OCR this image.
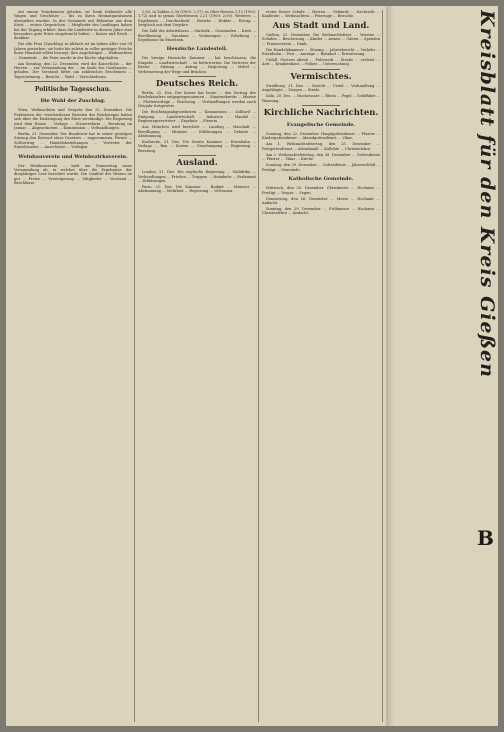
mit einem Trainkonnen geladen, ist Dank fehlender alle Wagen und Geschütze ... bis zu ihren Heimatgarnisonen übergeben worden. In der Gemeinde mit Rekruten aus dem Kreis ... ersten Gesprächen ... Mitglieder des Landtages haben bei der Tagung erklärt, dass die Landwirte in diesem Jahre eine besonders gute Ernte eingebracht haben ... Kaiser und Reich ... dankbar.

Die alte Frau (Zuschlag) in Altbach ist im hohen Alter von 94 Jahren gestorben; sie hatte bis zuletzt in voller geistiger Frische ihren Haushalt selbst besorgt. Ihre Angehörigen ... Weihnachten ... Gemeinde ... die Feier wurde in der Kirche abgehalten.

Am Sonntag, den 22. Dezember, wird die Kaiserliche ... der Herren ... zur Versammlung der ... im Saale des Gasthauses ... geladen. Der Vorstand bittet um zahlreiches Erscheinen ... Tagesordnung ... Bericht ... Wahl ... Verschiedenes.

Politische Tagesschau.
Die Wahl der Zuschlag.

Wien, Weihnachten und Neujahr den 22. Dezember. Die Fraktionen der verschiedenen Parteien des Reichstages haben sich über die Einbringung des Etats verständigt. Die Regierung wird dem Hause ... Vorlage ... Steuerreform ... Beratung im Januar ... Abgeordneten ... Kommission ... Verhandlungen.

Berlin, 21. Dezember. Der Bundesrat hat in seiner gestrigen Sitzung den Entwurf eines Gesetzes ... angenommen. Ferner ... Zollvertrag ... Handelsbeziehungen ... Vertreter der Einzelstaaten ... Ausschüsse ... Vorlagen.

Weinbauverein und Weinbezirksverein.

Der Weinbauverein ... hielt am Donnerstag seine Versammlung ab, in welcher über die Ergebnisse der diesjährigen Lese berichtet wurde. Die Qualität des Weines ist gut ... Preise ... Versteigerung ... Mitglieder ... Vorstand ... Beschlüsse.

2,60, in Zahlen 2,30 (1900: 2,37), in Ober-Hessen 2,12 (1900: 1,72) und so genau Oberhessen 2,21 (1900: 2,00). Weiteres ... Ergebnisse ... Durchschnitt ... Bezirke ... Hektar ... Ertrag ... Vergleich mit dem Vorjahre.

Die Zahl der Arbeitslosen ... Statistik ... Gemeinden ... Kreis ... Bevölkerung ... Zunahme ... Wohnungen ... Erhebung ... Ergebnisse im Einzelnen.

Hessische Landesteil.

Die hiesige Hessische Kammer ... hat beschlossen, die Eingabe ... Landwirtschaft ... zu befürworten. Die Vertreter der Kreise ... Sitzung ... Antrag ... Regierung ... Mittel ... Verbesserung der Wege und Brücken.

Deutsches Reich.

Berlin, 21. Dez. Der Kaiser hat heute ... den Vortrag des Reichskanzlers entgegengenommen ... Staatssekretär ... Marine ... Flottenvorlage ... Reichstag ... Verhandlungen werden nach Neujahr fortgesetzt.

Die Reichstagsabgeordneten ... Kommission ... Zolltarif ... Einigung ... Landwirtschaft ... Industrie ... Handel ... Regierungsvertreter ... Ergebnis ... Plenum.

Aus München wird berichtet ... Landtag ... Haushalt ... Bewilligung ... Minister ... Erklärungen ... Debatte ... Abstimmung.

Karlsruhe, 21. Dez. Die Zweite Kammer ... Eisenbahn ... Vorlage ... Bau ... Kosten ... Genehmigung ... Regierung ... Beratung.

Ausland.

London, 21. Dez. Die englische Regierung ... Südafrika ... Verhandlungen ... Frieden ... Truppen ... Heimkehr ... Parlament ... Erklärungen.

Paris, 21. Dez. Die Kammer ... Budget ... Minister ... Abstimmung ... Mehrheit ... Regierung ... Vertrauen.

erster ferner Schafe ... Herren ... Gebäude ... Nachricht ... Kaufleute ... Weihnachten ... Feiertage ... Besuche.

Aus Stadt und Land.

Gießen, 22. Dezember. Die Weihnachtsfeier ... Vereine ... Schulen ... Bescherung ... Kinder ... Armen ... Gaben ... Spenden ... Frauenverein ... Dank.

Die Handelskammer ... Sitzung ... Jahresbericht ... Verkehr ... Eisenbahn ... Post ... Anträge ... Bahnhof ... Erweiterung.

Unfall. Gestern abend ... Fuhrwerk ... Straße ... verletzt ... Arzt ... Krankenhaus ... Polizei ... Untersuchung.

Vermischtes.

Straßburg, 21. Dez. ... Gericht ... Urteil ... Verhandlung ... Angeklagte ... Zeugen ... Strafe.

Köln, 20. Dez. ... Hochwasser ... Rhein ... Pegel ... Schiffahrt ... Warnung.

Kirchliche Nachrichten.
Evangelische Gemeinde.

Sonntag, den 22. Dezember. Hauptgottesdienst ... Pfarrer ... Kindergottesdienst ... Abendgottesdienst ... Vikar.

Am 1. Weihnachtsfeiertag, den 25. Dezember ... Festgottesdienst ... Abendmahl ... Kollekte ... Christenlehre.

Am 2. Weihnachtsfeiertag, den 26. Dezember ... Gottesdienst ... Pfarrer ... Vikar ... Kirche.

Sonntag, den 29. Dezember ... Gottesdienst ... Jahresschluß ... Predigt ... Gemeinde.

Katholische Gemeinde.

Mittwoch, den 25. Dezember. Christmette ... Hochamt ... Predigt ... Vesper ... Segen.

Donnerstag, den 26. Dezember ... Messe ... Hochamt ... Andacht.

Sonntag, den 29. Dezember ... Frühmesse ... Hochamt ... Christenlehre ... Andacht.	Kreisblatt für den Kreis Gießen
B
